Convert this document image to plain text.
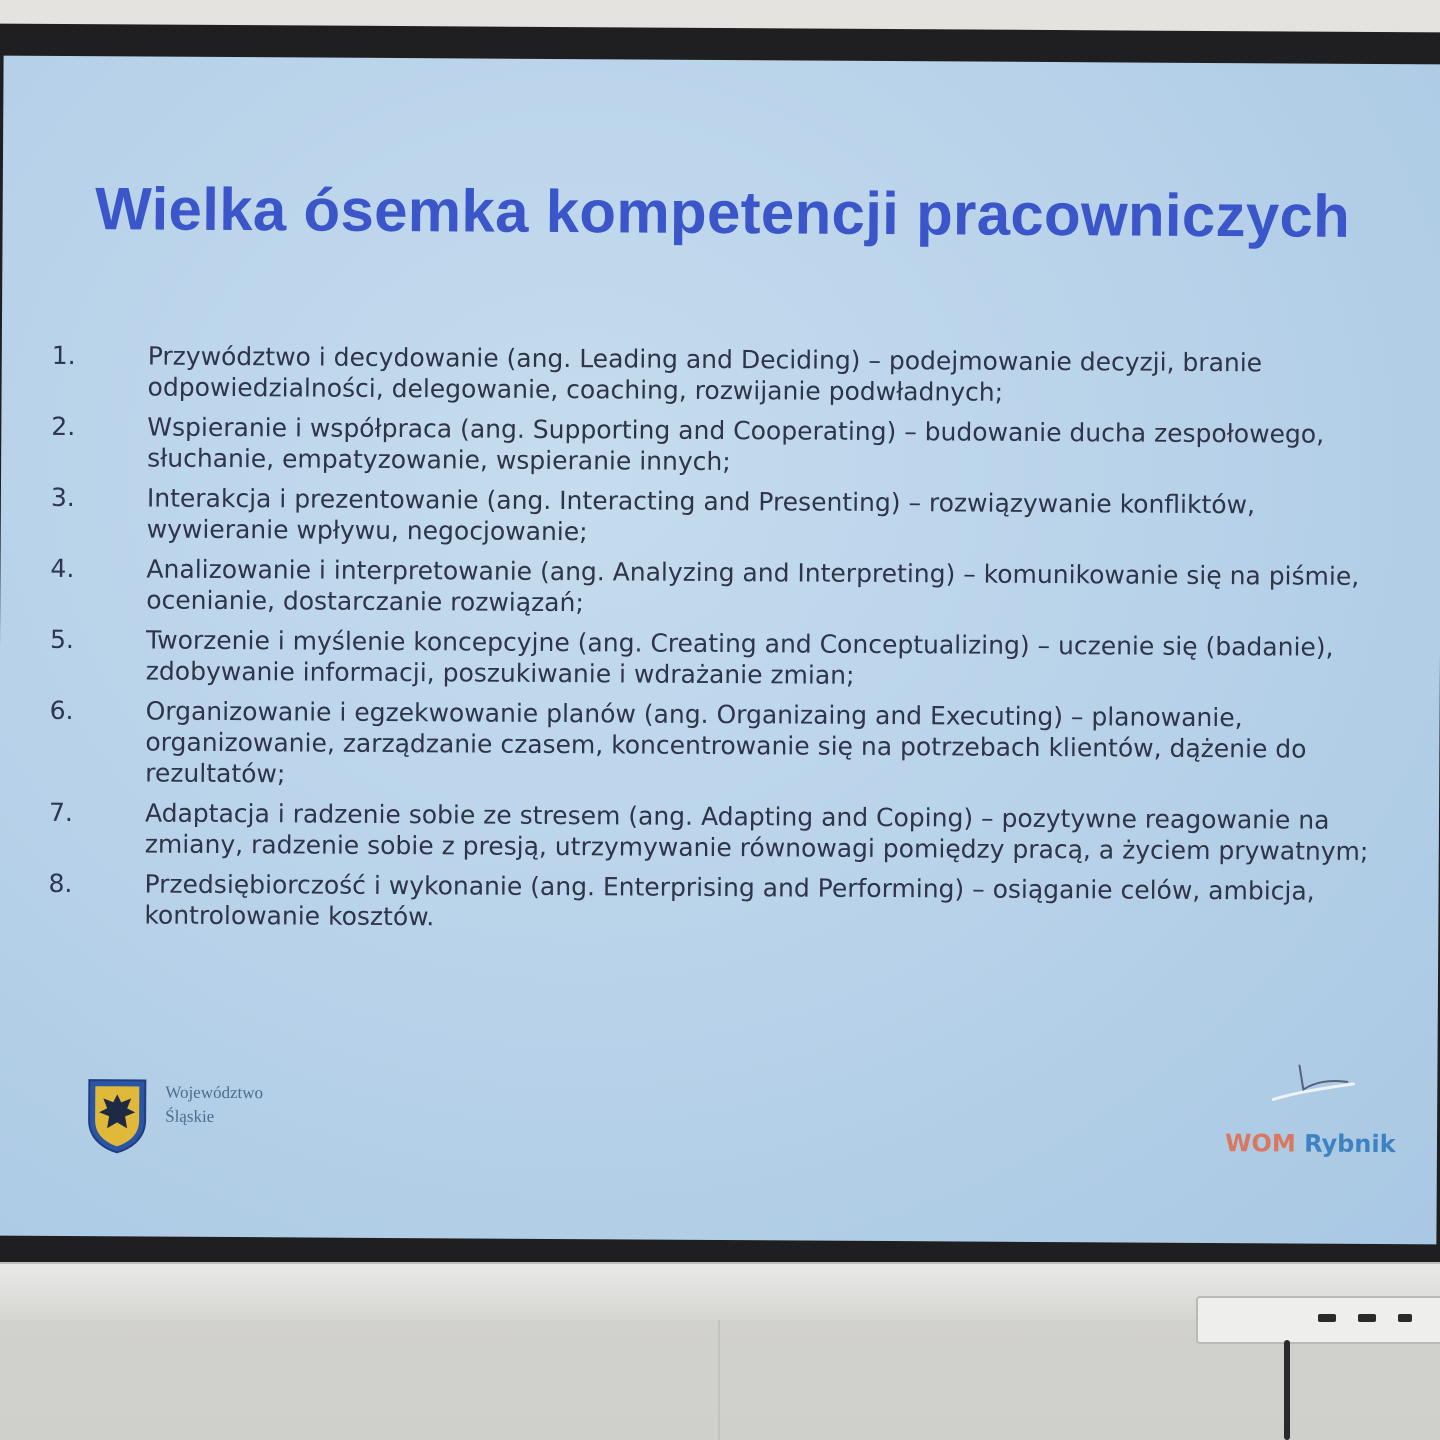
Wielka ósemka kompetencji pracowniczych
1.	Przywództwo i decydowanie (ang. Leading and Deciding) – podejmowanie decyzji, branie odpowiedzialności, delegowanie, coaching, rozwijanie podwładnych;
2.	Wspieranie i współpraca (ang. Supporting and Cooperating) – budowanie ducha zespołowego, słuchanie, empatyzowanie, wspieranie innych;
3.	Interakcja i prezentowanie (ang. Interacting and Presenting) – rozwiązywanie konfliktów, wywieranie wpływu, negocjowanie;
4.	Analizowanie i interpretowanie (ang. Analyzing and Interpreting) – komunikowanie się na piśmie, ocenianie, dostarczanie rozwiązań;
5.	Tworzenie i myślenie koncepcyjne (ang. Creating and Conceptualizing) – uczenie się (badanie), zdobywanie informacji, poszukiwanie i wdrażanie zmian;
6.	Organizowanie i egzekwowanie planów (ang. Organizaing and Executing) – planowanie, organizowanie, zarządzanie czasem, koncentrowanie się na potrzebach klientów, dążenie do rezultatów;
7.	Adaptacja i radzenie sobie ze stresem (ang. Adapting and Coping) – pozytywne reagowanie na zmiany, radzenie sobie z presją, utrzymywanie równowagi pomiędzy pracą, a życiem prywatnym;
8.	Przedsiębiorczość i wykonanie (ang. Enterprising and Performing) – osiąganie celów, ambicja, kontrolowanie kosztów.
Województwo
Śląskie
WOM Rybnik
